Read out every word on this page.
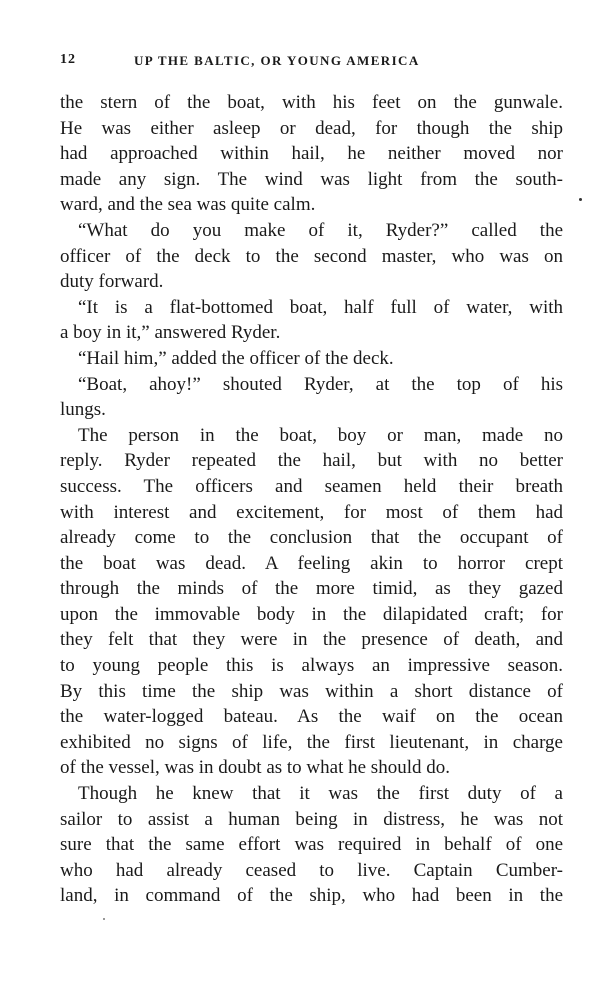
12	UP THE BALTIC, OR YOUNG AMERICA
the stern of the boat, with his feet on the gunwale.
He was either asleep or dead, for though the ship
had approached within hail, he neither moved nor
made any sign. The wind was light from the south-
ward, and the sea was quite calm.
“What do you make of it, Ryder?” called the
officer of the deck to the second master, who was on
duty forward.
“It is a flat-bottomed boat, half full of water, with
a boy in it,” answered Ryder.
“Hail him,” added the officer of the deck.
“Boat, ahoy!” shouted Ryder, at the top of his
lungs.
The person in the boat, boy or man, made no
reply. Ryder repeated the hail, but with no better
success. The officers and seamen held their breath
with interest and excitement, for most of them had
already come to the conclusion that the occupant of
the boat was dead. A feeling akin to horror crept
through the minds of the more timid, as they gazed
upon the immovable body in the dilapidated craft; for
they felt that they were in the presence of death, and
to young people this is always an impressive season.
By this time the ship was within a short distance of
the water-logged bateau. As the waif on the ocean
exhibited no signs of life, the first lieutenant, in charge
of the vessel, was in doubt as to what he should do.
Though he knew that it was the first duty of a
sailor to assist a human being in distress, he was not
sure that the same effort was required in behalf of one
who had already ceased to live. Captain Cumber-
land, in command of the ship, who had been in the
